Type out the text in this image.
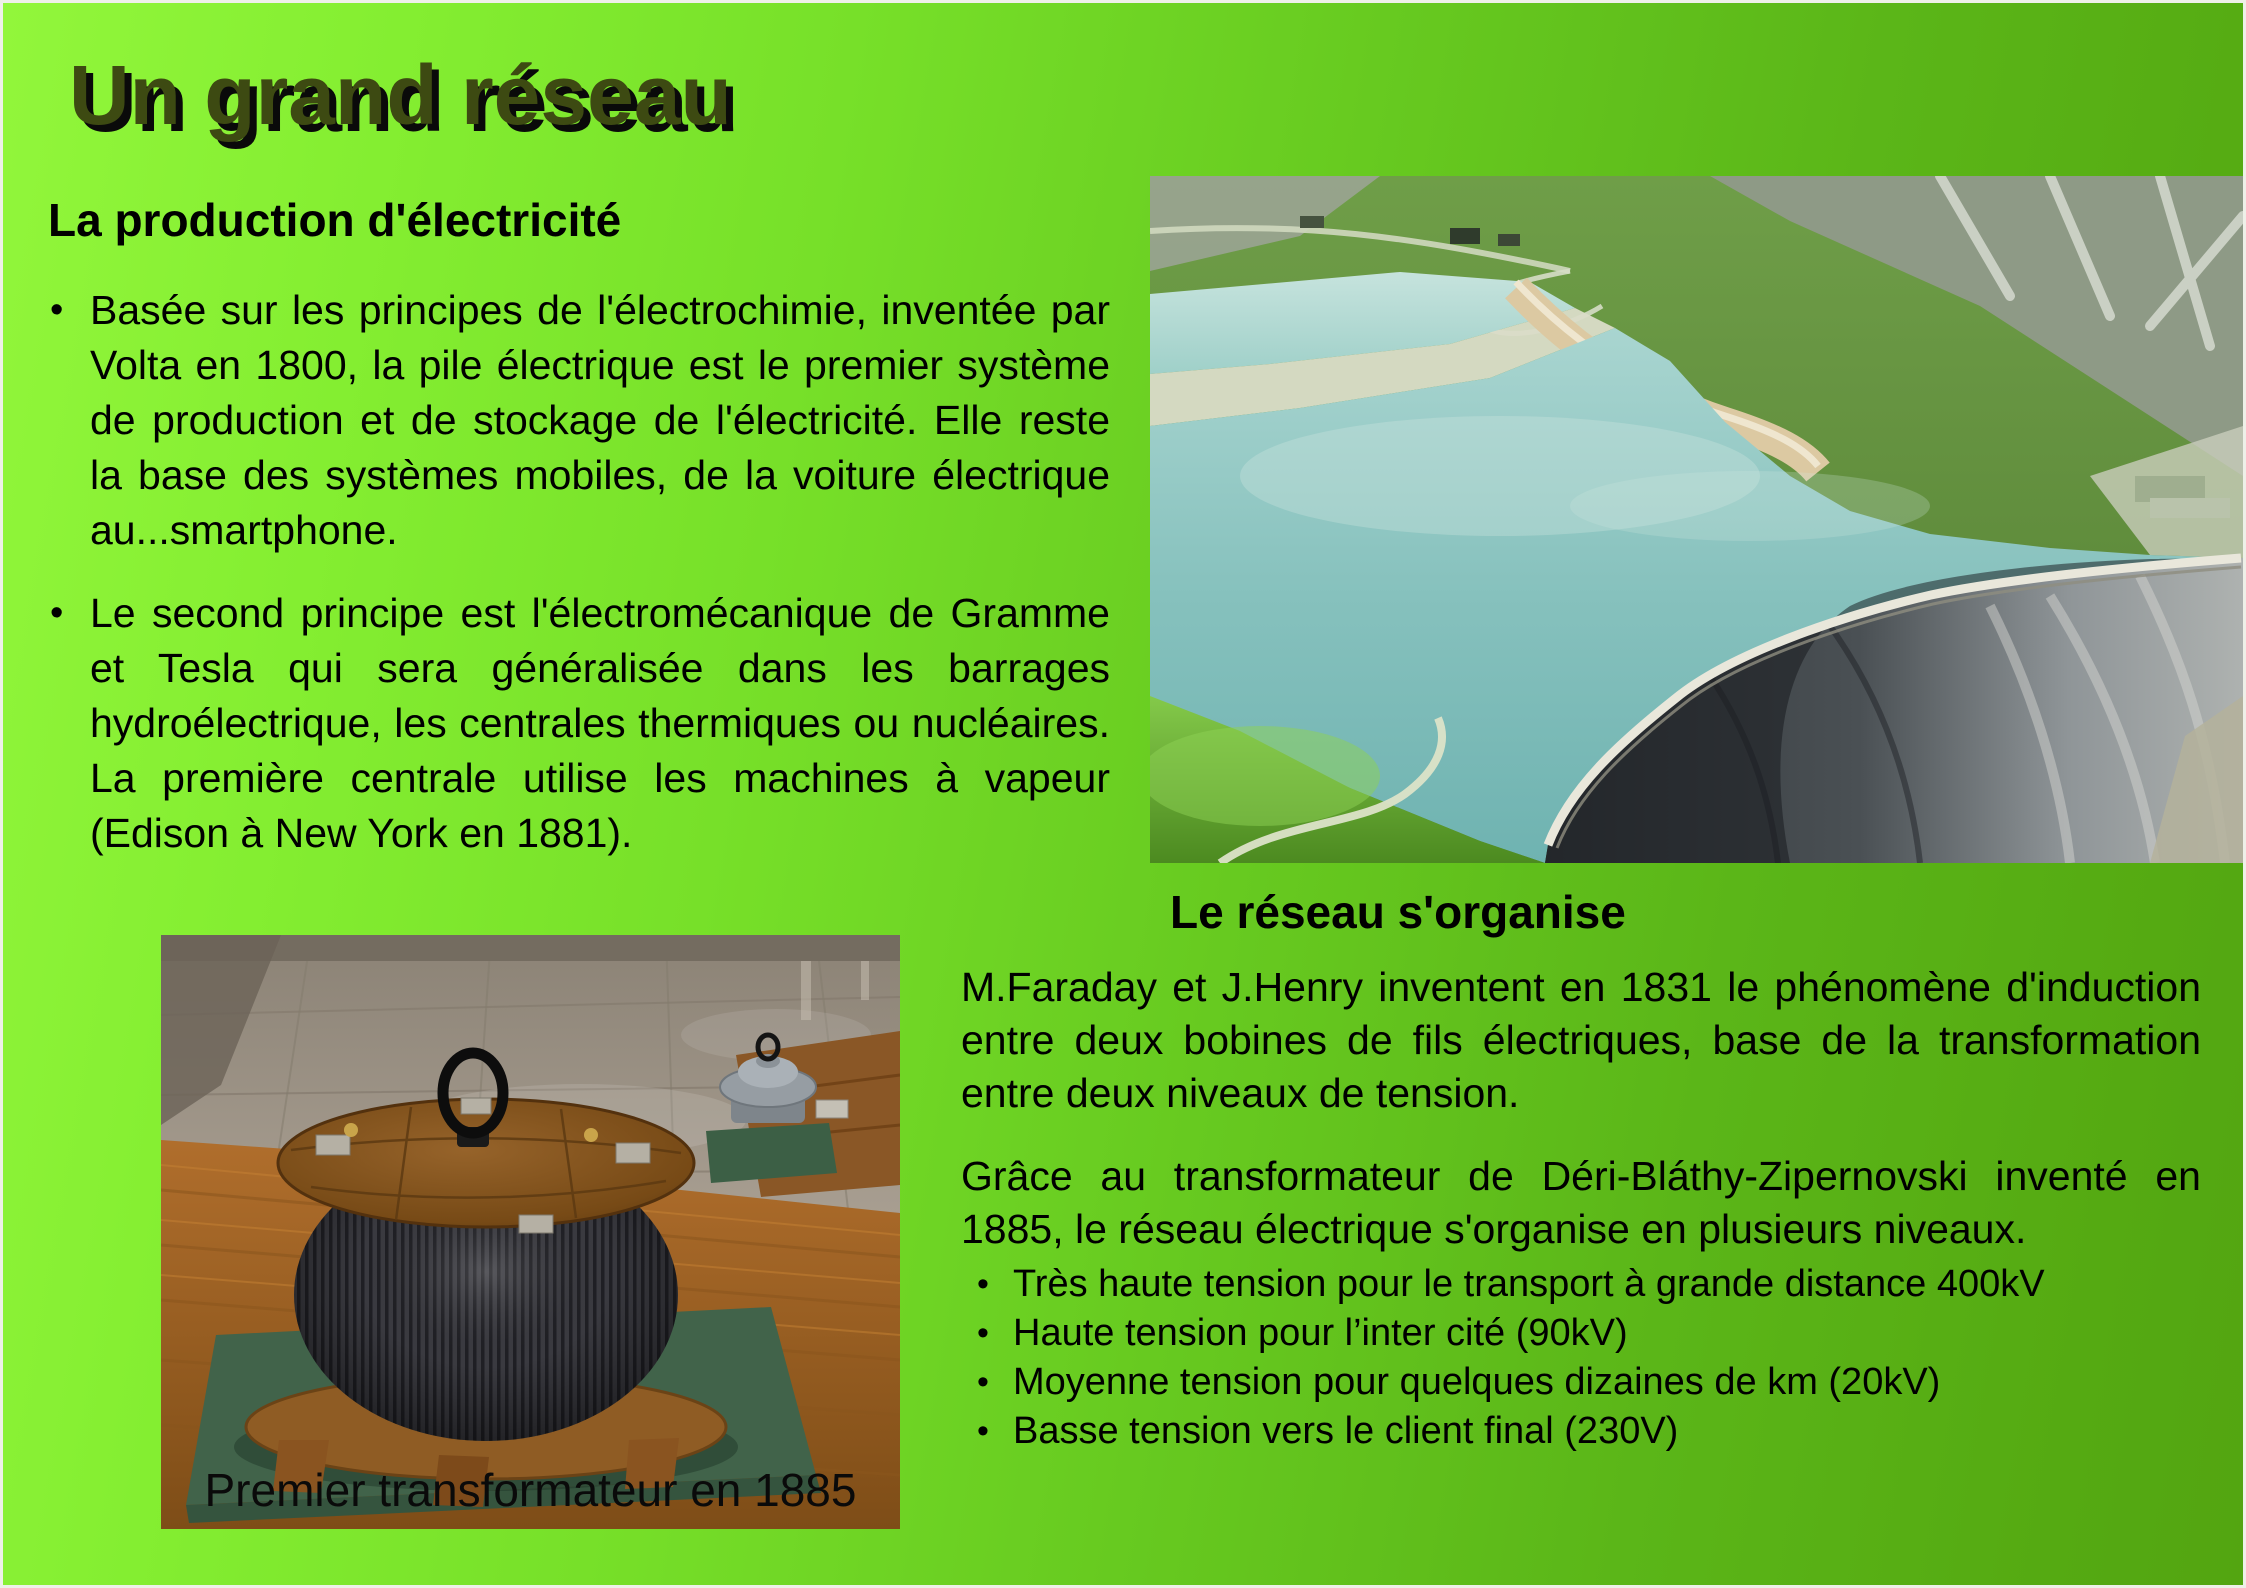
Un grand réseau
La production d'électricité

• Basée sur les principes de l'électrochimie, inventée par Volta en 1800, la pile électrique est le premier système de production et de stockage de l'électricité. Elle reste la base des systèmes mobiles, de la voiture électrique au...smartphone.

• Le second principe est l'électromécanique de Gramme et Tesla qui sera généralisée dans les barrages hydroélectrique, les centrales thermiques ou nucléaires. La première centrale utilise les machines à vapeur (Edison à New York en 1881).

Le réseau s'organise

M.Faraday et J.Henry inventent en 1831 le phénomène d'induction entre deux bobines de fils électriques, base de la transformation entre deux niveaux de tension.

Grâce au transformateur de Déri-Bláthy-Zipernovski inventé en 1885, le réseau électrique s'organise en plusieurs niveaux.

• Très haute tension pour le transport à grande distance 400kV
• Haute tension pour l’inter cité (90kV)
• Moyenne tension pour quelques dizaines de km (20kV)
• Basse tension vers le client final (230V)
Premier transformateur en 1885
